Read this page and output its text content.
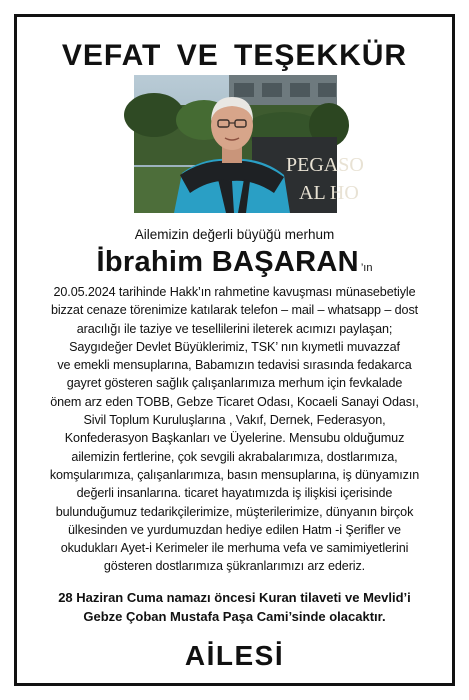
VEFAT VE TEŞEKKÜR
PEGASO
AL HO
Ailemizin değerli büyüğü merhum
İbrahim BAŞARAN ’ın
20.05.2024 tarihinde Hakk’ın rahmetine kavuşması münasebetiyle
bizzat cenaze törenimize katılarak telefon – mail – whatsapp – dost
aracılığı ile taziye ve tesellilerini ileterek acımızı paylaşan;
Saygıdeğer Devlet Büyüklerimiz, TSK’ nın kıymetli muvazzaf
ve emekli mensuplarına, Babamızın tedavisi sırasında fedakarca
gayret gösteren sağlık çalışanlarımıza merhum için fevkalade
önem arz eden TOBB, Gebze Ticaret Odası, Kocaeli Sanayi Odası,
Sivil Toplum Kuruluşlarına , Vakıf, Dernek, Federasyon,
Konfederasyon Başkanları ve Üyelerine. Mensubu olduğumuz
ailemizin fertlerine, çok sevgili akrabalarımıza, dostlarımıza,
komşularımıza, çalışanlarımıza, basın mensuplarına, iş dünyamızın
değerli insanlarına. ticaret hayatımızda iş ilişkisi içerisinde
bulunduğumuz tedarikçilerimize, müşterilerimize, dünyanın birçok
ülkesinden ve yurdumuzdan hediye edilen Hatm -i Şerifler ve
okudukları Ayet-i Kerimeler ile merhuma vefa ve samimiyetlerini
gösteren dostlarımıza şükranlarımızı arz ederiz.
28 Haziran Cuma namazı öncesi Kuran tilaveti ve Mevlid’i
Gebze Çoban Mustafa Paşa Cami’sinde olacaktır.
AİLESİ
